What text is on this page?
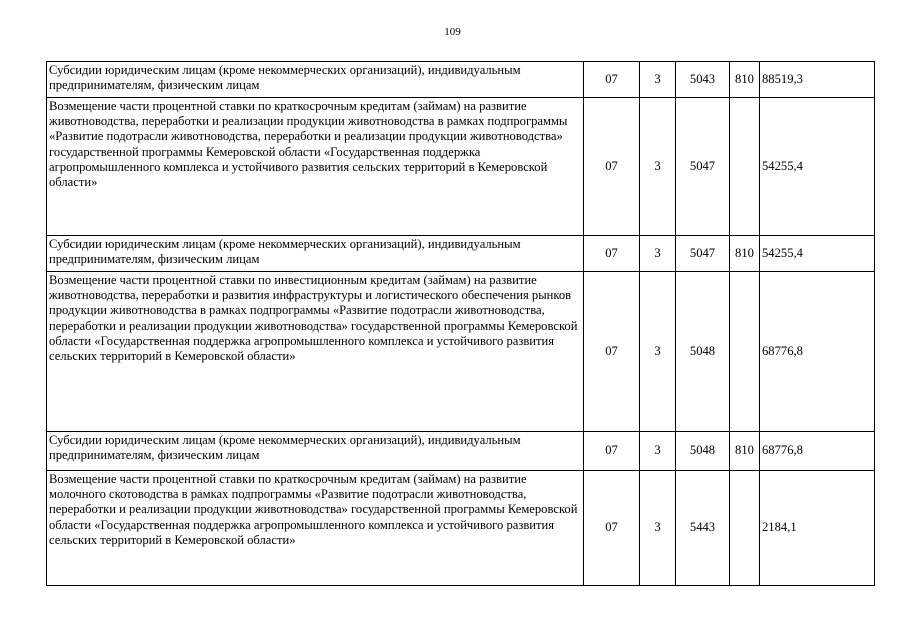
109
Субсидии юридическим лицам (кроме некоммерческих организаций), индивидуальным предпринимателям, физическим лицам	07	3	5043	810	88519,3
Возмещение части процентной ставки по краткосрочным кредитам (займам) на развитие животноводства, переработки и реализации продукции животноводства в рамках подпрограммы «Развитие подотрасли животноводства, переработки и реализации продукции животноводства» государственной программы Кемеровской области «Государственная поддержка агропромышленного комплекса и устойчивого развития сельских территорий в Кемеровской области»	07	3	5047		54255,4
Субсидии юридическим лицам (кроме некоммерческих организаций), индивидуальным предпринимателям, физическим лицам	07	3	5047	810	54255,4
Возмещение части процентной ставки по инвестиционным кредитам (займам) на развитие животноводства, переработки и развития инфраструктуры и логистического обеспечения рынков продукции животноводства в рамках подпрограммы «Развитие подотрасли животноводства, переработки и реализации продукции животноводства» государственной программы Кемеровской области «Государственная поддержка агропромышленного комплекса и устойчивого развития сельских территорий в Кемеровской области»	07	3	5048		68776,8
Субсидии юридическим лицам (кроме некоммерческих организаций), индивидуальным предпринимателям, физическим лицам	07	3	5048	810	68776,8
Возмещение части процентной ставки по краткосрочным кредитам (займам) на развитие молочного скотоводства в рамках подпрограммы «Развитие подотрасли животноводства, переработки и реализации продукции животноводства» государственной программы Кемеровской области «Государственная поддержка агропромышленного комплекса и устойчивого развития сельских территорий в Кемеровской области»	07	3	5443		2184,1
